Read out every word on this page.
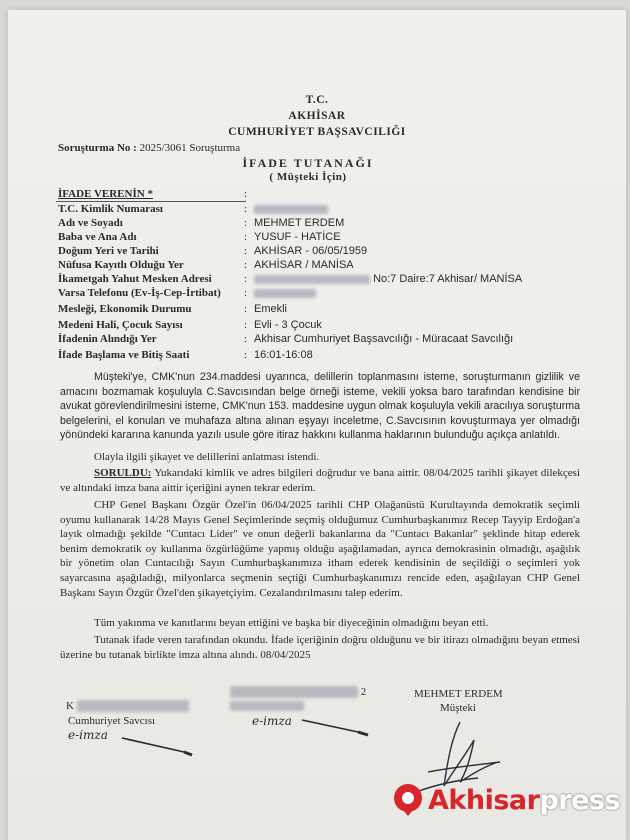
T.C.
AKHİSAR
CUMHURİYET BAŞSAVCILIĞI
Soruşturma No : 2025/3061 Soruşturma
İFADE TUTANAĞI
( Müşteki İçin)
İFADE VERENİN *	:
T.C. Kimlik Numarası	:
Adı ve Soyadı	: MEHMET ERDEM
Baba ve Ana Adı	: YUSUF - HATİCE
Doğum Yeri ve Tarihi	: AKHİSAR - 06/05/1959
Nüfusa Kayıtlı Olduğu Yer	: AKHİSAR / MANİSA
İkametgah Yahut Mesken Adresi	:	No:7 Daire:7 Akhisar/ MANİSA
Varsa Telefonu (Ev-İş-Cep-İrtibat) :
Mesleği, Ekonomik Durumu	: Emekli
Medeni Hali, Çocuk Sayısı	: Evli - 3 Çocuk
İfadenin Alındığı Yer	: Akhisar Cumhuriyet Başsavcılığı - Müracaat Savcılığı
İfade Başlama ve Bitiş Saati	: 16:01-16:08

Müşteki'ye, CMK'nun 234.maddesi uyarınca, delillerin toplanmasını isteme, soruşturmanın gizlilik ve amacını bozmamak koşuluyla C.Savcısından belge örneği isteme, vekili yoksa baro tarafından kendisine bir avukat görevlendirilmesini isteme, CMK'nun 153. maddesine uygun olmak koşuluyla vekili aracılıya soruşturma belgelerini, el konulan ve muhafaza altına alınan eşyayı inceletme, C.Savcısının kovuşturmaya yer olmadığı yönündeki kararına kanunda yazılı usule göre itiraz hakkını kullanma haklarının bulunduğu açıkça anlatıldı.

Olayla ilgili şikayet ve delillerini anlatması istendi.

SORULDU: Yukarıdaki kimlik ve adres bilgileri doğrudur ve bana aittir. 08/04/2025 tarihli şikayet dilekçesi ve altındaki imza bana aittir içeriğini aynen tekrar ederim.

CHP Genel Başkanı Özgür Özel'in 06/04/2025 tarihli CHP Olağanüstü Kurultayında demokratik seçimli oyumu kullanarak 14/28 Mayıs Genel Seçimlerinde seçmiş olduğumuz Cumhurbaşkanımız Recep Tayyip Erdoğan'a layık olmadığı şekilde "Cuntacı Lider" ve onun değerli bakanlarına da "Cuntacı Bakanlar" şeklinde hitap ederek benim demokratik oy kullanma özgürlüğüme yapmış olduğu aşağılamadan, ayrıca demokrasinin olmadığı, aşağılık bir yönetim olan Cuntacılığı Sayın Cumhurbaşkanımıza itham ederek kendisinin de seçildiği o seçimleri yok sayarcasına aşağıladığı, milyonlarca seçmenin seçtiği Cumhurbaşkanımızı rencide eden, aşağılayan CHP Genel Başkanı Sayın Özgür Özel'den şikayetçiyim. Cezalandırılmasını talep ederim.

Tüm yakınma ve kanıtlarını beyan ettiğini ve başka bir diyeceğinin olmadığını beyan etti.

Tutanak ifade veren tarafından okundu. İfade içeriğinin doğru olduğunu ve bir itirazı olmadığını beyan etmesi üzerine bu tutanak birlikte imza altına alındı. 08/04/2025

K
Cumhuriyet Savcısı
e-imza
2
e-imza
MEHMET ERDEM
Müşteki
Akhisarpress
